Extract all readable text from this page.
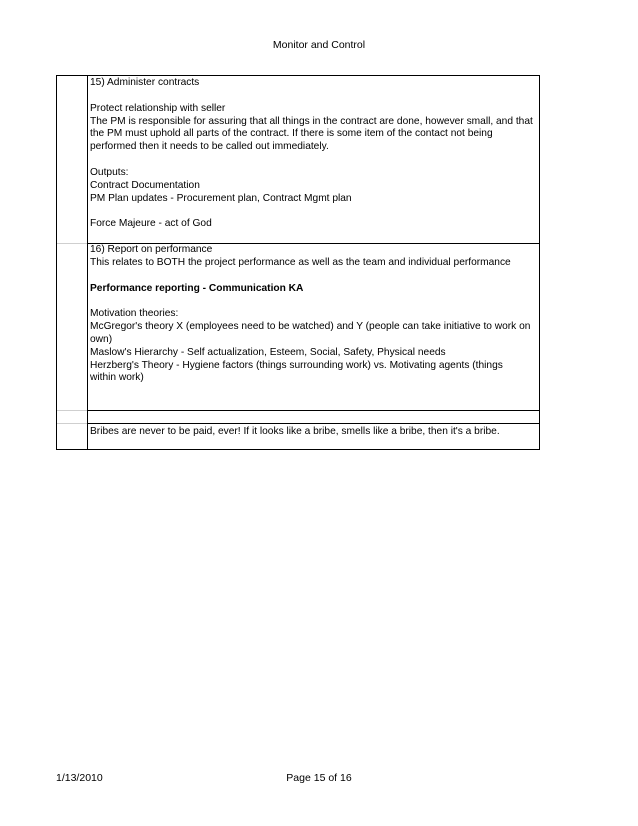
Monitor and Control

15) Administer contracts

Protect relationship with seller

The PM is responsible for assuring that all things in the contract are done, however small, and that the PM must uphold all parts of the contract. If there is some item of the contact not being performed then it needs to be called out immediately.

Outputs:

Contract Documentation

PM Plan updates - Procurement plan, Contract Mgmt plan

Force Majeure - act of God

16) Report on performance

This relates to BOTH the project performance as well as the team and individual performance

Performance reporting - Communication KA

Motivation theories:

McGregor's theory X (employees need to be watched) and Y (people can take initiative to work on own)

Maslow's Hierarchy - Self actualization, Esteem, Social, Safety, Physical needs

Herzberg's Theory - Hygiene factors (things surrounding work) vs. Motivating agents (things within work)

Bribes are never to be paid, ever! If it looks like a bribe, smells like a bribe, then it's a bribe.

1/13/2010	Page 15 of 16
